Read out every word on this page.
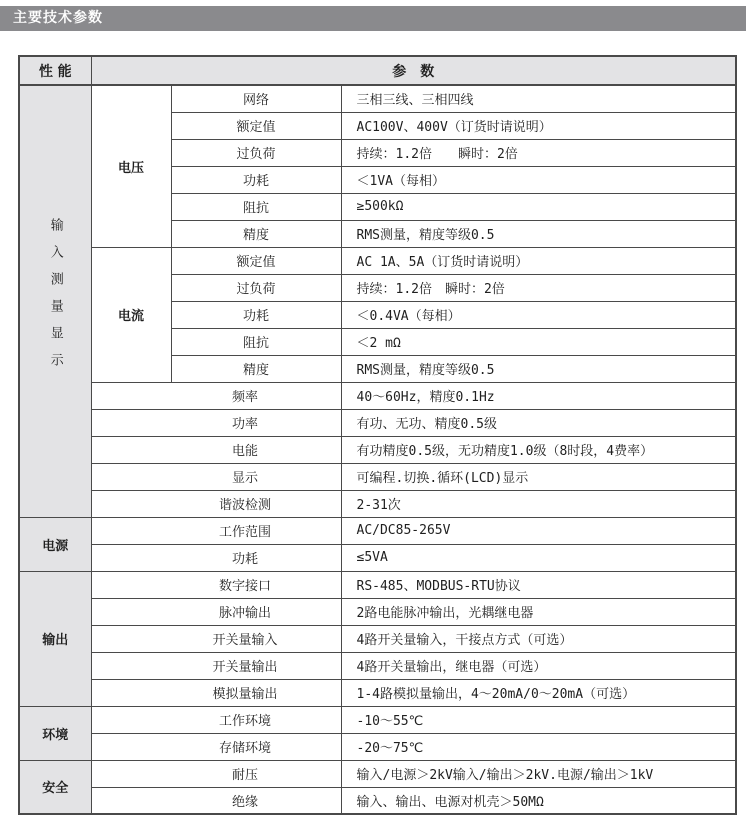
主要技术参数
性 能	参　数		
输入测量显示	电压	网络	三相三线、三相四线
		额定值	AC100V、400V（订货时请说明）
		过负荷	持续：1.2倍　　瞬时：2倍
		功耗	＜1VA（每相）
		阻抗	≥500kΩ
		精度	RMS测量，精度等级0.5
	电流	额定值	AC 1A、5A（订货时请说明）
		过负荷	持续：1.2倍　瞬时：2倍
		功耗	＜0.4VA（每相）
		阻抗	＜2 mΩ
		精度	RMS测量，精度等级0.5
	频率		40～60Hz，精度0.1Hz
	功率		有功、无功、精度0.5级
	电能		有功精度0.5级，无功精度1.0级（8时段，4费率）
	显示		可编程.切换.循环(LCD)显示
	谐波检测		2-31次
电源	工作范围		AC/DC85-265V
	功耗		≤5VA
输出	数字接口		RS-485、MODBUS-RTU协议
	脉冲输出		2路电能脉冲输出，光耦继电器
	开关量输入		4路开关量输入，干接点方式（可选）
	开关量输出		4路开关量输出，继电器（可选）
	模拟量输出		1-4路模拟量输出，4～20mA/0～20mA（可选）
环境	工作环境		-10～55℃
	存储环境		-20～75℃
安全	耐压		输入/电源＞2kV输入/输出＞2kV.电源/输出＞1kV
	绝缘		输入、输出、电源对机壳＞50MΩ
